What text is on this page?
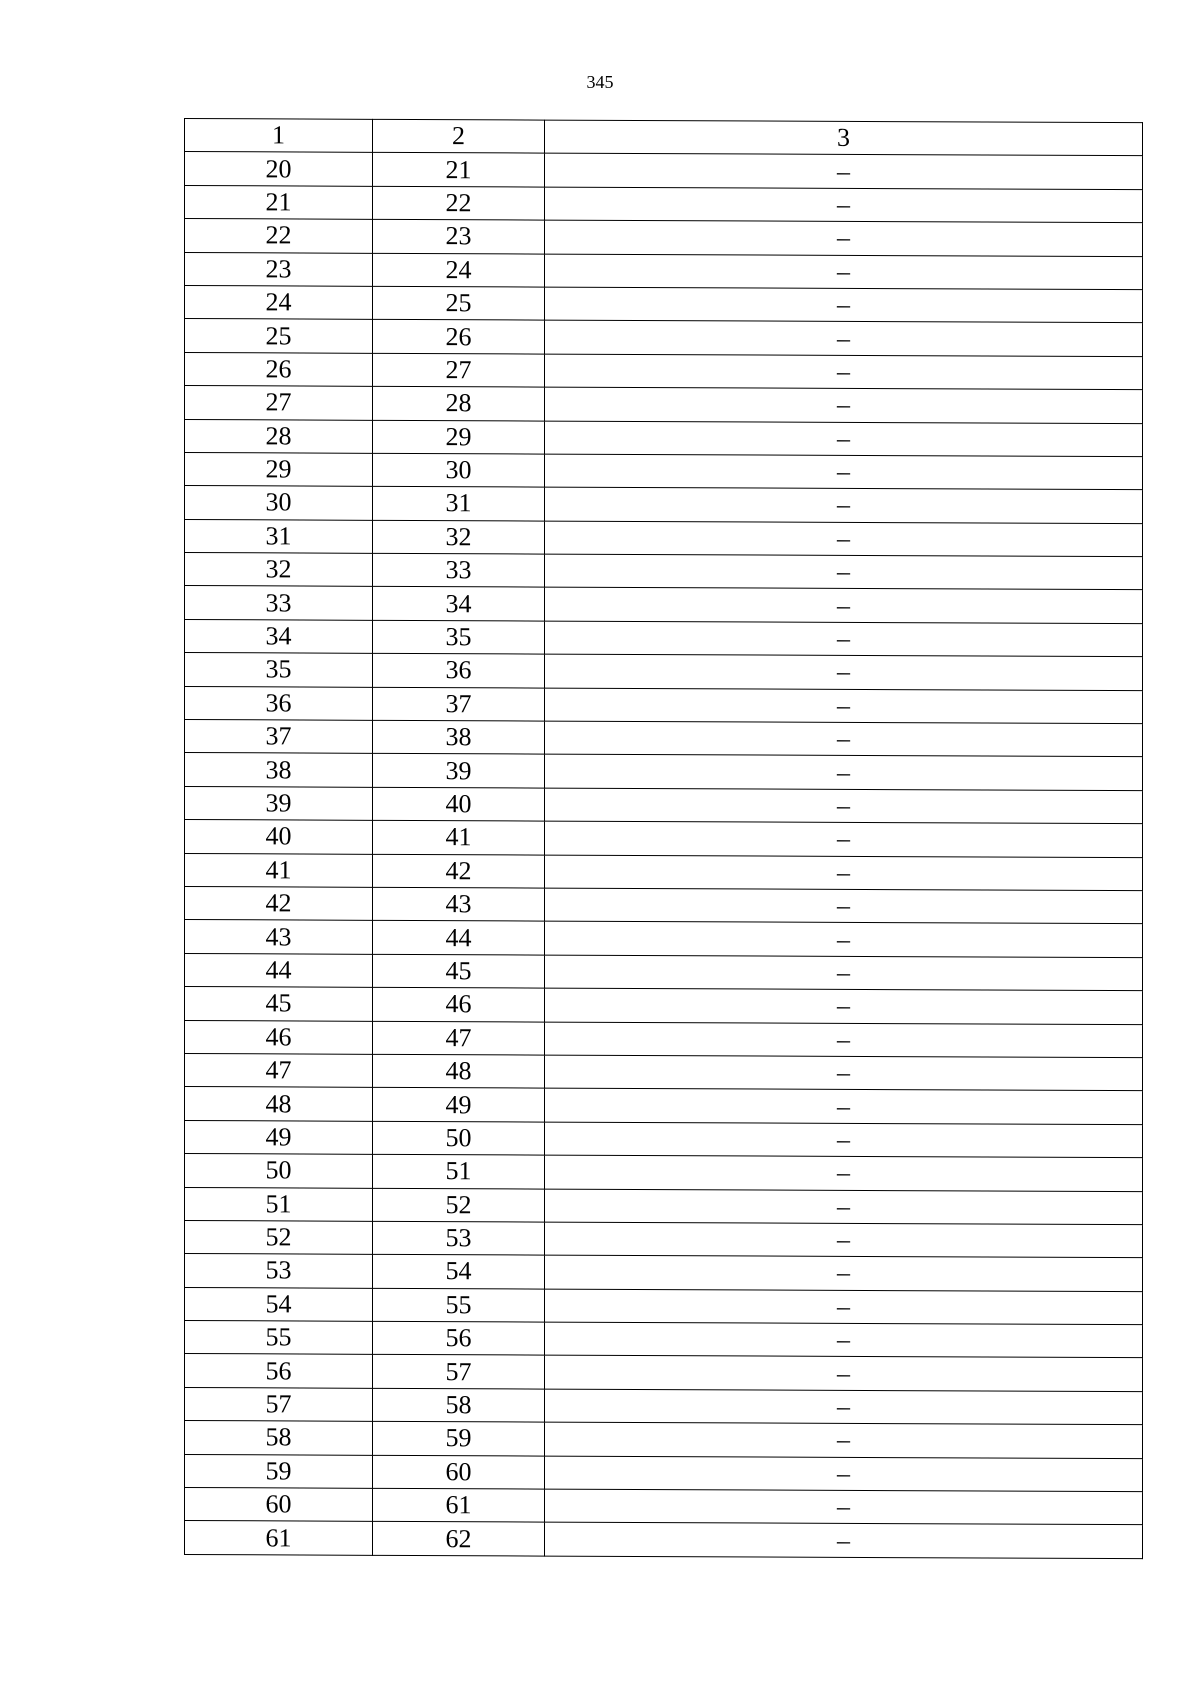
345
1	2	3
20	21	–
21	22	–
22	23	–
23	24	–
24	25	–
25	26	–
26	27	–
27	28	–
28	29	–
29	30	–
30	31	–
31	32	–
32	33	–
33	34	–
34	35	–
35	36	–
36	37	–
37	38	–
38	39	–
39	40	–
40	41	–
41	42	–
42	43	–
43	44	–
44	45	–
45	46	–
46	47	–
47	48	–
48	49	–
49	50	–
50	51	–
51	52	–
52	53	–
53	54	–
54	55	–
55	56	–
56	57	–
57	58	–
58	59	–
59	60	–
60	61	–
61	62	–
